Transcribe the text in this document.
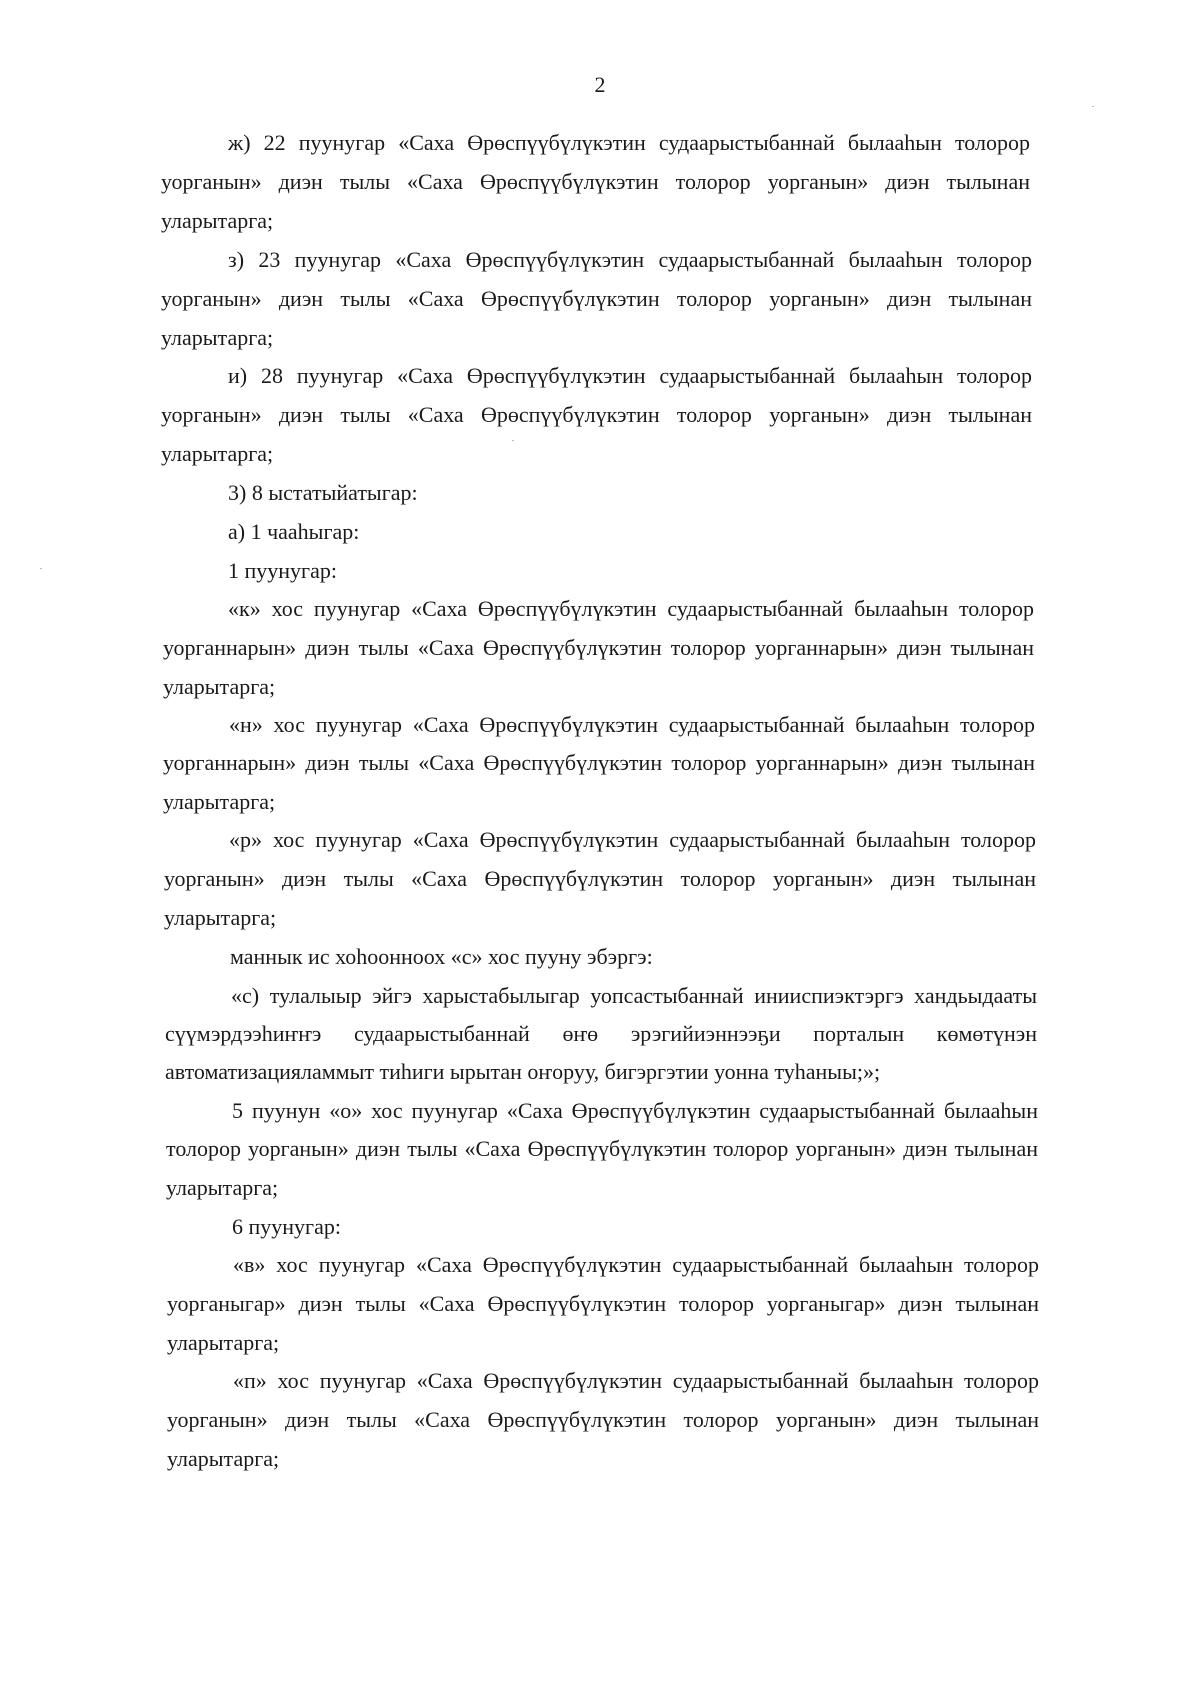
2
ж) 22 пуунугар «Саха Өрөспүүбүлүкэтин судаарыстыбаннай былааһын толорор
уорганын» диэн тылы «Саха Өрөспүүбүлүкэтин толорор уорганын» диэн тылынан
уларытарга;
з) 23 пуунугар «Саха Өрөспүүбүлүкэтин судаарыстыбаннай былааһын толорор
уорганын» диэн тылы «Саха Өрөспүүбүлүкэтин толорор уорганын» диэн тылынан
уларытарга;
и) 28 пуунугар «Саха Өрөспүүбүлүкэтин судаарыстыбаннай былааһын толорор
уорганын» диэн тылы «Саха Өрөспүүбүлүкэтин толорор уорганын» диэн тылынан
уларытарга;
3) 8 ыстатыйатыгар:
а) 1 чааһыгар:
1 пуунугар:
«к» хос пуунугар «Саха Өрөспүүбүлүкэтин судаарыстыбаннай былааһын толорор
уорганнарын» диэн тылы «Саха Өрөспүүбүлүкэтин толорор уорганнарын» диэн тылынан
уларытарга;
«н» хос пуунугар «Саха Өрөспүүбүлүкэтин судаарыстыбаннай былааһын толорор
уорганнарын» диэн тылы «Саха Өрөспүүбүлүкэтин толорор уорганнарын» диэн тылынан
уларытарга;
«р» хос пуунугар «Саха Өрөспүүбүлүкэтин судаарыстыбаннай былааһын толорор
уорганын» диэн тылы «Саха Өрөспүүбүлүкэтин толорор уорганын» диэн тылынан
уларытарга;
маннык ис хоһоонноох «с» хос пууну эбэргэ:
«с) тулалыыр эйгэ харыстабылыгар уопсастыбаннай инииспиэктэргэ хандьыдааты
сүүмэрдээһиҥҥэ судаарыстыбаннай өҥө эрэгийиэннээҕи порталын көмөтүнэн
автоматизацияламмыт тиһиги ырытан оҥоруу, бигэргэтии уонна туһаныы;»;
5 пуунун «о» хос пуунугар «Саха Өрөспүүбүлүкэтин судаарыстыбаннай былааһын
толорор уорганын» диэн тылы «Саха Өрөспүүбүлүкэтин толорор уорганын» диэн тылынан
уларытарга;
6 пуунугар:
«в» хос пуунугар «Саха Өрөспүүбүлүкэтин судаарыстыбаннай былааһын толорор
уорганыгар» диэн тылы «Саха Өрөспүүбүлүкэтин толорор уорганыгар» диэн тылынан
уларытарга;
«п» хос пуунугар «Саха Өрөспүүбүлүкэтин судаарыстыбаннай былааһын толорор
уорганын» диэн тылы «Саха Өрөспүүбүлүкэтин толорор уорганын» диэн тылынан
уларытарга;
